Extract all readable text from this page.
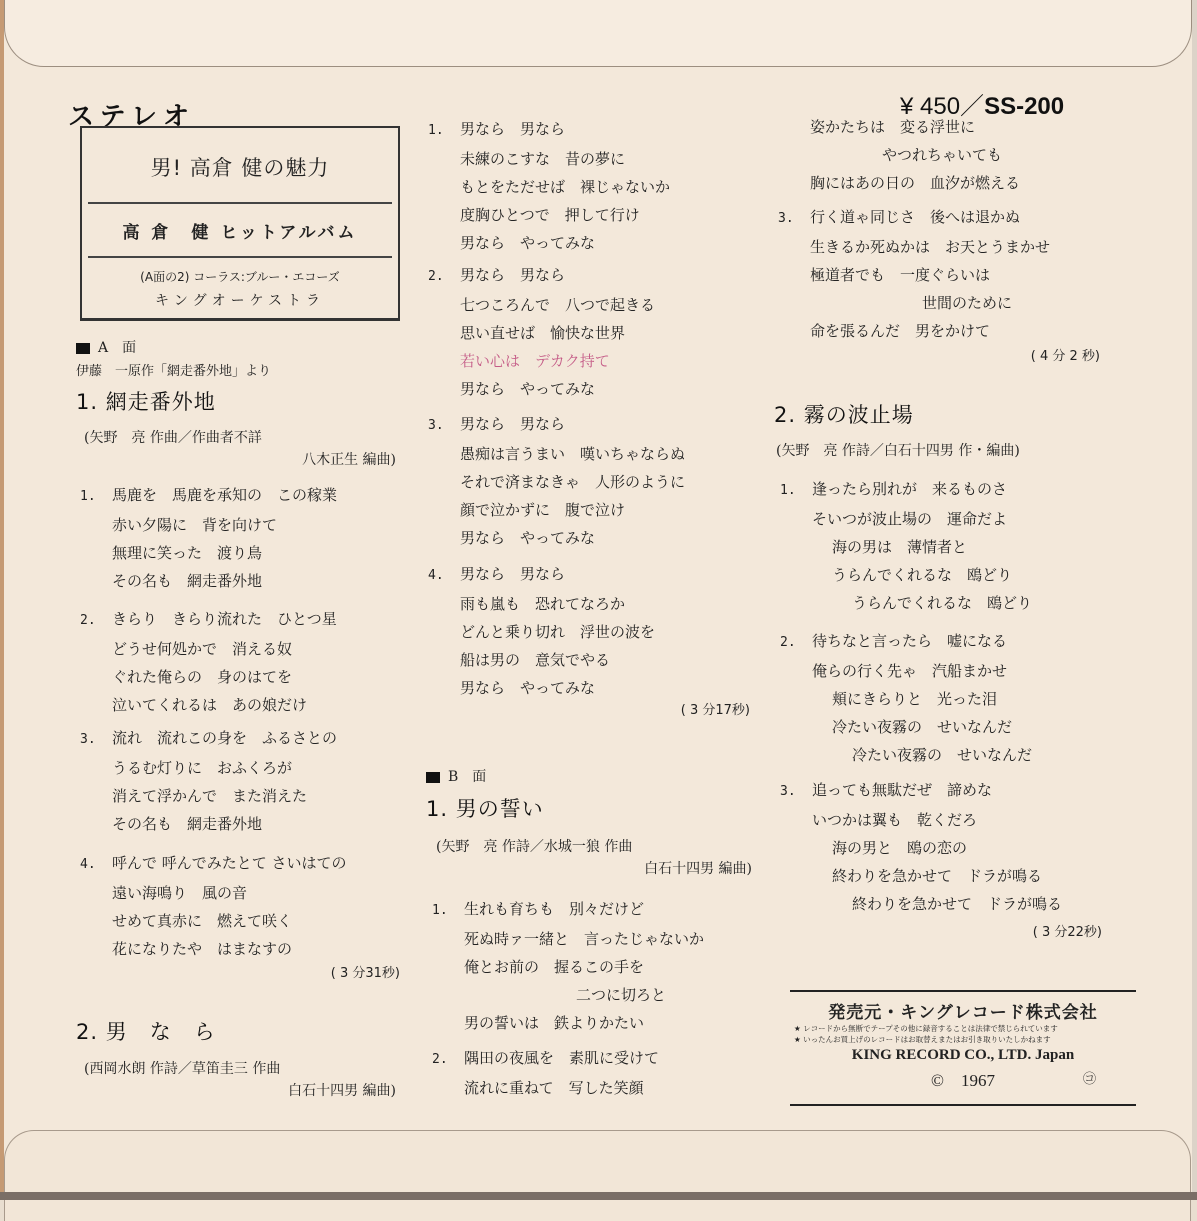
ステレオ	¥ 450／SS-200
男! 高倉 健の魅力
高 倉　健 ヒットアルバム
(A面の2) コーラス:ブルー・エコーズ
キングオーケストラ
A　面
伊藤　一原作「網走番外地」より
1. 網走番外地
(矢野　亮 作曲／作曲者不詳
八木正生 編曲)
1. 馬鹿を　馬鹿を承知の　この稼業
赤い夕陽に　背を向けて
無理に笑った　渡り鳥
その名も　網走番外地
2. きらり　きらり流れた　ひとつ星
どうせ何処かで　消える奴
ぐれた俺らの　身のはてを
泣いてくれるは　あの娘だけ
3. 流れ　流れこの身を　ふるさとの
うるむ灯りに　おふくろが
消えて浮かんで　また消えた
その名も　網走番外地
4. 呼んで 呼んでみたとて さいはての
遠い海鳴り　風の音
せめて真赤に　燃えて咲く
花になりたや　はまなすの
( 3 分31秒)
2. 男　な　ら
(西岡水朗 作詩／草笛圭三 作曲
白石十四男 編曲)
1. 男なら　男なら
未練のこすな　昔の夢に
もとをただせば　裸じゃないか
度胸ひとつで　押して行け
男なら　やってみな
2. 男なら　男なら
七つころんで　八つで起きる
思い直せば　愉快な世界
若い心は　デカク持て
男なら　やってみな
3. 男なら　男なら
愚痴は言うまい　嘆いちゃならぬ
それで済まなきゃ　人形のように
顔で泣かずに　腹で泣け
男なら　やってみな
4. 男なら　男なら
雨も嵐も　恐れてなろか
どんと乗り切れ　浮世の波を
船は男の　意気でやる
男なら　やってみな
( 3 分17秒)
B　面
1. 男の誓い
(矢野　亮 作詩／水城一狼 作曲
白石十四男 編曲)
1. 生れも育ちも　別々だけど
死ぬ時ァ一緒と　言ったじゃないか
俺とお前の　握るこの手を
二つに切ろと
男の誓いは　鉄よりかたい
2. 隅田の夜風を　素肌に受けて
流れに重ねて　写した笑顔
姿かたちは　変る浮世に
やつれちゃいても
胸にはあの日の　血汐が燃える
3. 行く道ゃ同じさ　後へは退かぬ
生きるか死ぬかは　お天とうまかせ
極道者でも　一度ぐらいは
世間のために
命を張るんだ　男をかけて
( 4 分 2 秒)
2. 霧の波止場
(矢野　亮 作詩／白石十四男 作・編曲)
1. 逢ったら別れが　来るものさ
そいつが波止場の　運命だよ
海の男は　薄情者と
うらんでくれるな　鴎どり
うらんでくれるな　鴎どり
2. 待ちなと言ったら　嘘になる
俺らの行く先ゃ　汽船まかせ
頬にきらりと　光った泪
冷たい夜霧の　せいなんだ
冷たい夜霧の　せいなんだ
3. 追っても無駄だぜ　諦めな
いつかは翼も　乾くだろ
海の男と　鴎の恋の
終わりを急かせて　ドラが鳴る
終わりを急かせて　ドラが鳴る
( 3 分22秒)
発売元・キングレコード株式会社
★ レコードから無断でテープその他に録音することは法律で禁じられています
★ いったんお買上げのレコードはお取替えまたはお引き取りいたしかねます
KING RECORD CO., LTD. Japan
©　1967	㋙
